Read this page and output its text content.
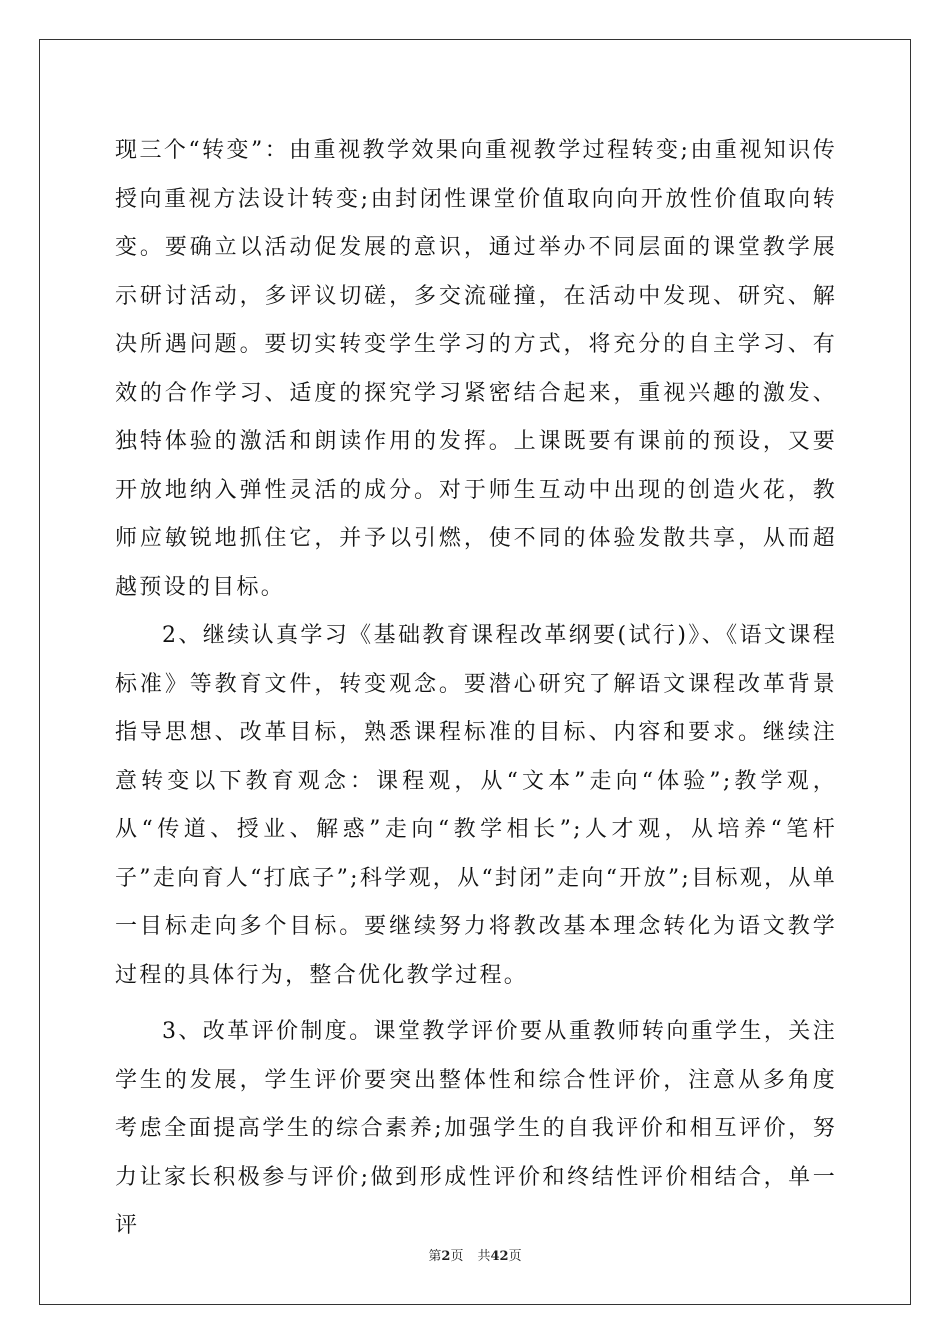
现三个“转变”：由重视教学效果向重视教学过程转变;由重视知识传授向重视方法设计转变;由封闭性课堂价值取向向开放性价值取向转变。要确立以活动促发展的意识，通过举办不同层面的课堂教学展示研讨活动，多评议切磋，多交流碰撞，在活动中发现、研究、解决所遇问题。要切实转变学生学习的方式，将充分的自主学习、有效的合作学习、适度的探究学习紧密结合起来，重视兴趣的激发、独特体验的激活和朗读作用的发挥。上课既要有课前的预设，又要开放地纳入弹性灵活的成分。对于师生互动中出现的创造火花，教师应敏锐地抓住它，并予以引燃，使不同的体验发散共享，从而超越预设的目标。

2、继续认真学习《基础教育课程改革纲要(试行)》、《语文课程标准》等教育文件，转变观念。要潜心研究了解语文课程改革背景指导思想、改革目标，熟悉课程标准的目标、内容和要求。继续注意转变以下教育观念：课程观，从“文本”走向“体验”;教学观，从“传道、授业、解惑”走向“教学相长”;人才观，从培养“笔杆子”走向育人“打底子”;科学观，从“封闭”走向“开放”;目标观，从单一目标走向多个目标。要继续努力将教改基本理念转化为语文教学过程的具体行为，整合优化教学过程。

3、改革评价制度。课堂教学评价要从重教师转向重学生，关注学生的发展，学生评价要突出整体性和综合性评价，注意从多角度考虑全面提高学生的综合素养;加强学生的自我评价和相互评价，努力让家长积极参与评价;做到形成性评价和终结性评价相结合，单一评

第2页 共42页
